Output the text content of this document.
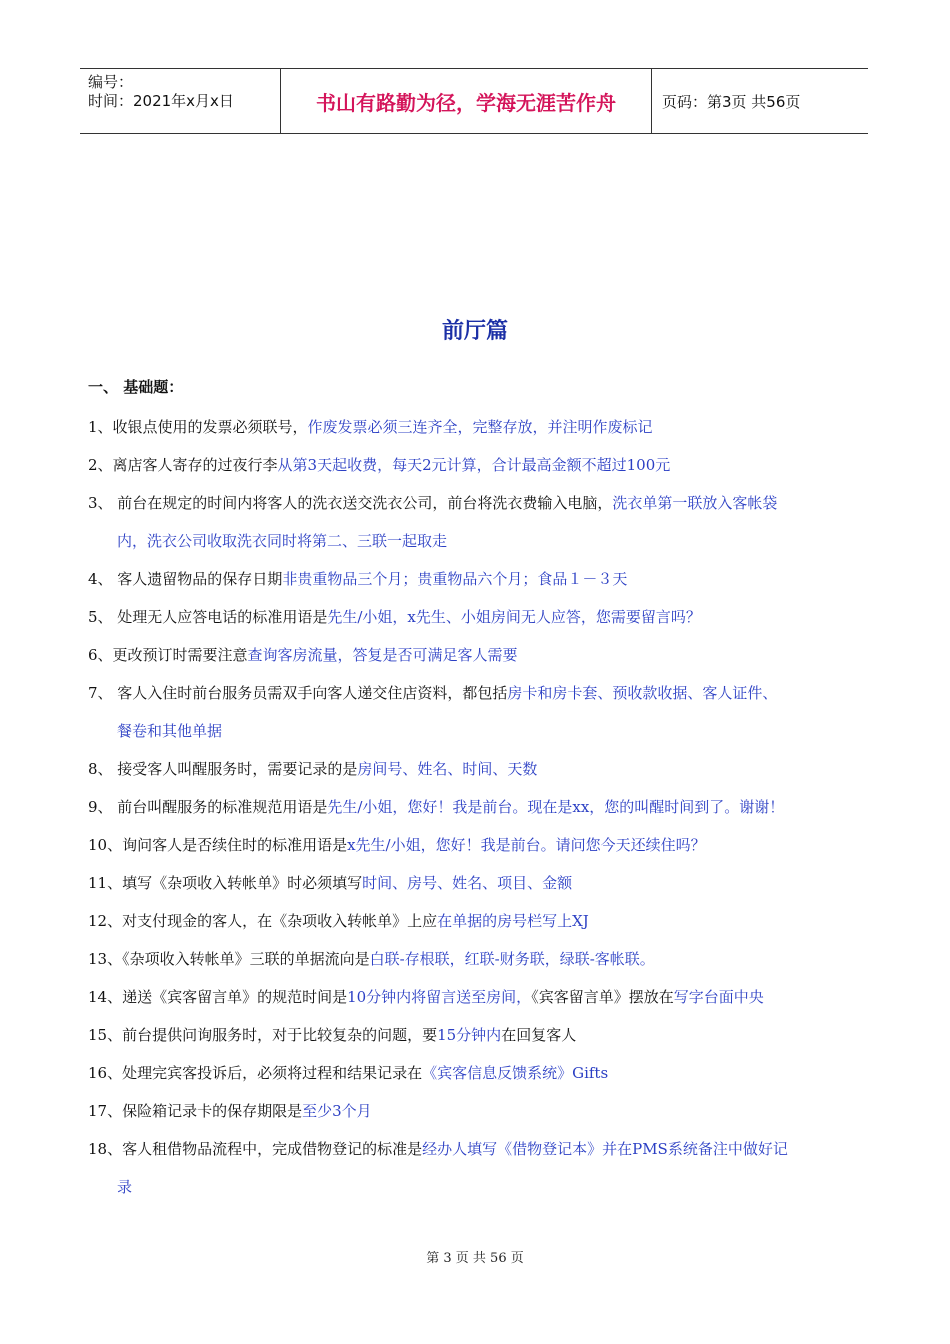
编号：
时间：2021年x月x日	书山有路勤为径，学海无涯苦作舟	页码：第3页 共56页
前厅篇
一、 基础题：
1、收银点使用的发票必须联号，作废发票必须三连齐全，完整存放，并注明作废标记
2、离店客人寄存的过夜行李从第3天起收费，每天2元计算，合计最高金额不超过100元
3、 前台在规定的时间内将客人的洗衣送交洗衣公司，前台将洗衣费输入电脑，洗衣单第一联放入客帐袋
内，洗衣公司收取洗衣同时将第二、三联一起取走
4、 客人遗留物品的保存日期非贵重物品三个月；贵重物品六个月；食品１－３天
5、 处理无人应答电话的标准用语是先生/小姐，x先生、小姐房间无人应答，您需要留言吗？
6、更改预订时需要注意查询客房流量，答复是否可满足客人需要
7、 客人入住时前台服务员需双手向客人递交住店资料，都包括房卡和房卡套、预收款收据、客人证件、
餐卷和其他单据
8、 接受客人叫醒服务时，需要记录的是房间号、姓名、时间、天数
9、 前台叫醒服务的标准规范用语是先生/小姐，您好！我是前台。现在是xx，您的叫醒时间到了。谢谢！
10、询问客人是否续住时的标准用语是x先生/小姐，您好！我是前台。请问您今天还续住吗？
11、填写《杂项收入转帐单》时必须填写时间、房号、姓名、项目、金额
12、对支付现金的客人，在《杂项收入转帐单》上应在单据的房号栏写上XJ
13、《杂项收入转帐单》三联的单据流向是白联-存根联，红联-财务联，绿联-客帐联。
14、递送《宾客留言单》的规范时间是10分钟内将留言送至房间，《宾客留言单》摆放在写字台面中央
15、前台提供问询服务时，对于比较复杂的问题，要15分钟内在回复客人
16、处理完宾客投诉后，必须将过程和结果记录在《宾客信息反馈系统》Gifts
17、保险箱记录卡的保存期限是至少3个月
18、客人租借物品流程中，完成借物登记的标准是经办人填写《借物登记本》并在PMS系统备注中做好记
录
第 3 页 共 56 页
